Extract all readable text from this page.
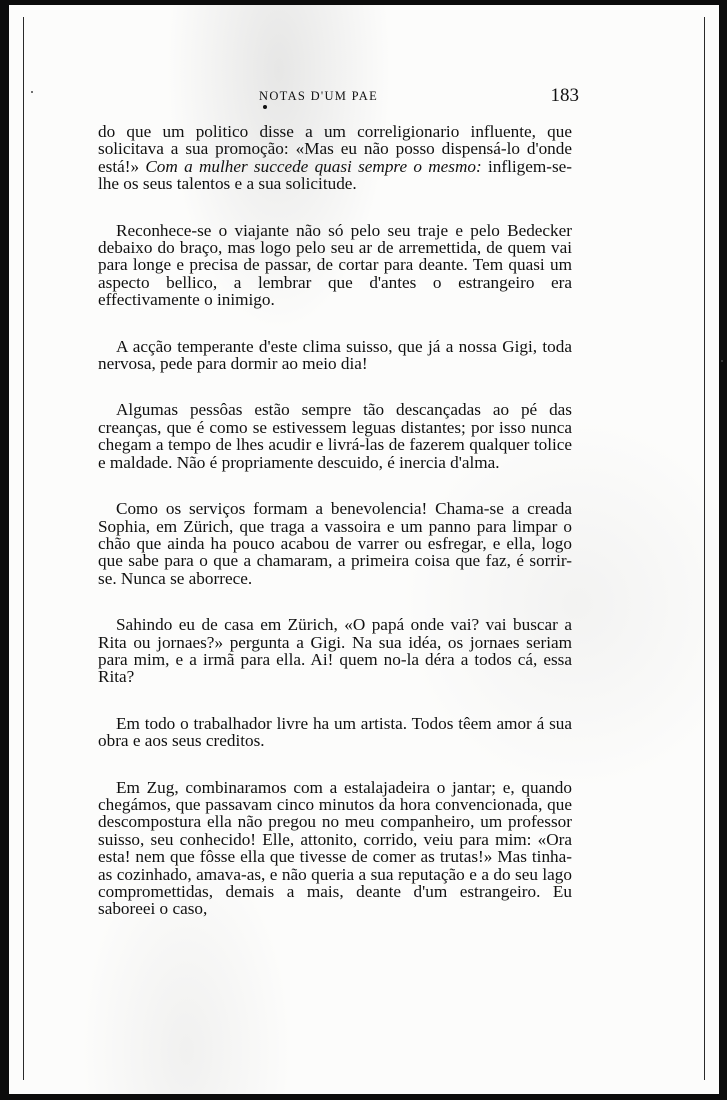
NOTAS D'UM PAE	183

do que um politico disse a um correligionario influente, que solicitava a sua promoção: «Mas eu não posso dispensá-lo d'onde está!» Com a mulher succede quasi sempre o mesmo: infligem-se-lhe os seus talentos e a sua solicitude.

Reconhece-se o viajante não só pelo seu traje e pelo Bedecker debaixo do braço, mas logo pelo seu ar de arremettida, de quem vai para longe e precisa de passar, de cortar para deante. Tem quasi um aspecto bellico, a lembrar que d'antes o estrangeiro era effectivamente o inimigo.

A acção temperante d'este clima suisso, que já a nossa Gigi, toda nervosa, pede para dormir ao meio dia!

Algumas pessôas estão sempre tão descançadas ao pé das creanças, que é como se estivessem leguas distantes; por isso nunca chegam a tempo de lhes acudir e livrá-las de fazerem qualquer tolice e maldade. Não é propriamente descuido, é inercia d'alma.

Como os serviços formam a benevolencia! Chama-se a creada Sophia, em Zürich, que traga a vassoira e um panno para limpar o chão que ainda ha pouco acabou de varrer ou esfregar, e ella, logo que sabe para o que a chamaram, a primeira coisa que faz, é sorrir-se. Nunca se aborrece.

Sahindo eu de casa em Zürich, «O papá onde vai? vai buscar a Rita ou jornaes?» pergunta a Gigi. Na sua idéa, os jornaes seriam para mim, e a irmã para ella. Ai! quem no-la déra a todos cá, essa Rita?

Em todo o trabalhador livre ha um artista. Todos têem amor á sua obra e aos seus creditos.

Em Zug, combinaramos com a estalajadeira o jantar; e, quando chegámos, que passavam cinco minutos da hora convencionada, que descompostura ella não pregou no meu companheiro, um professor suisso, seu conhecido! Elle, attonito, corrido, veiu para mim: «Ora esta! nem que fôsse ella que tivesse de comer as trutas!» Mas tinha-as cozinhado, amava-as, e não queria a sua reputação e a do seu lago compromettidas, demais a mais, deante d'um estrangeiro. Eu saboreei o caso,
